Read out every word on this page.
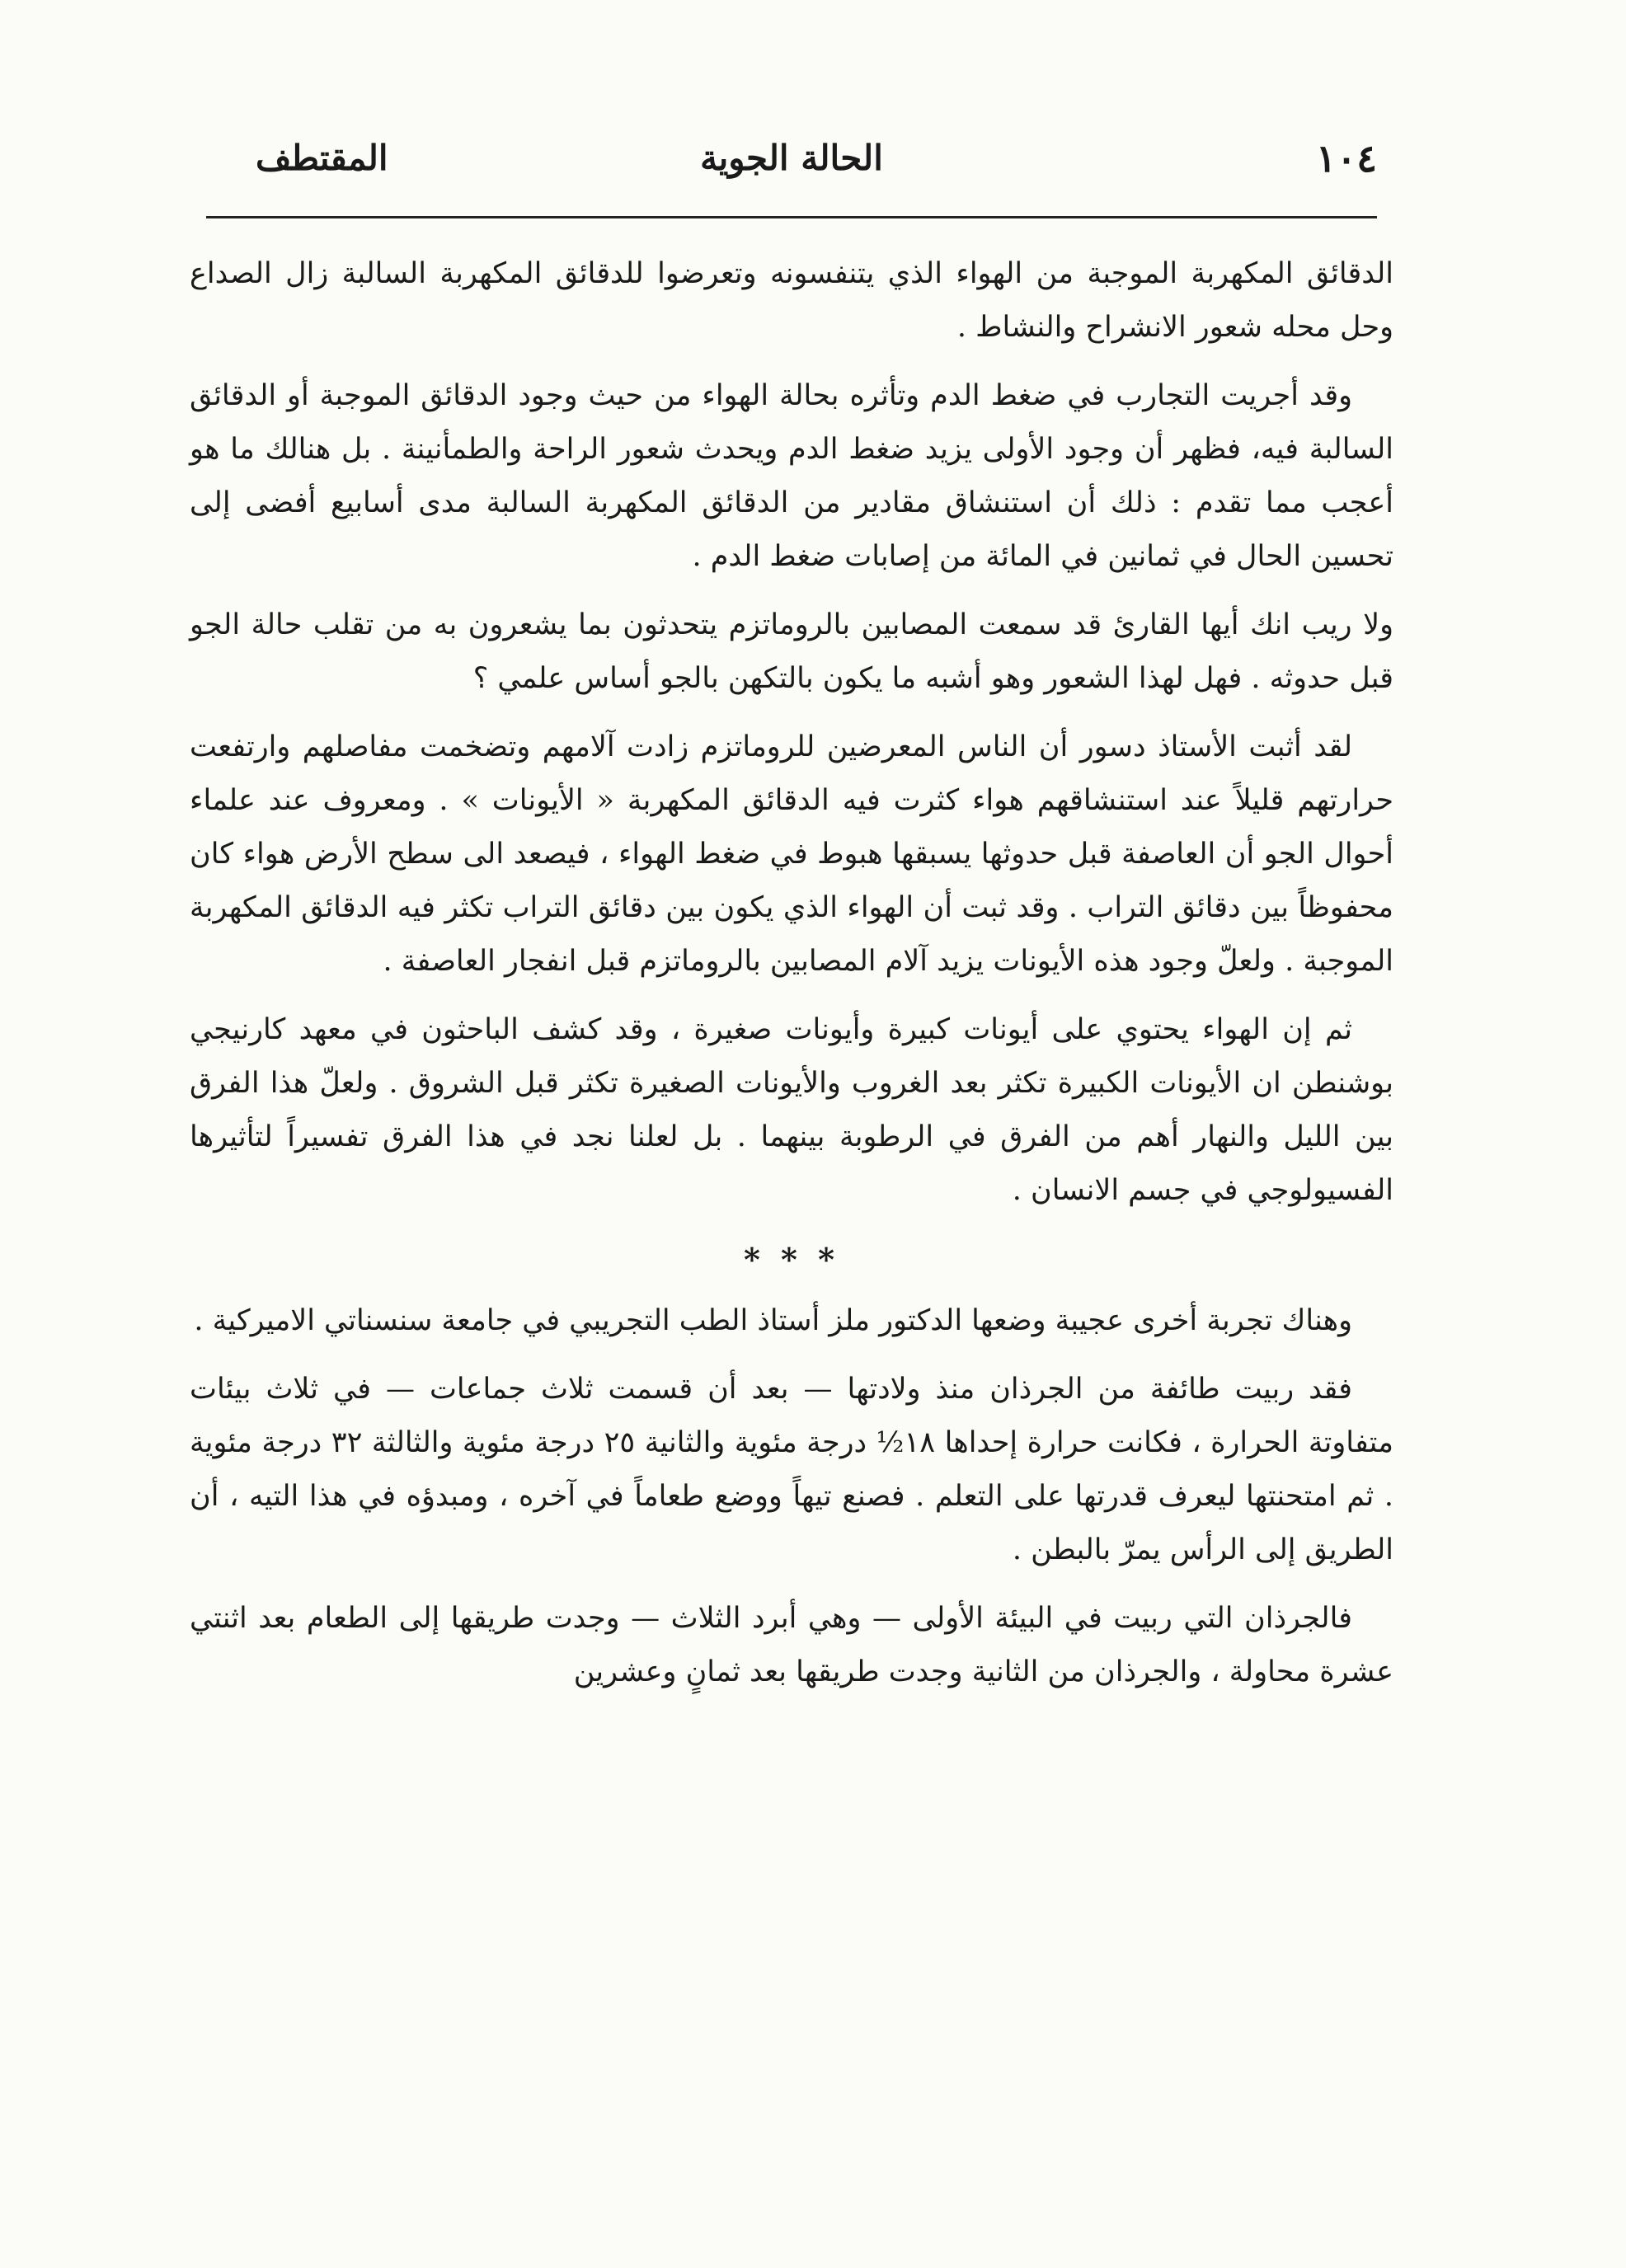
١٠٤
الحالة الجوية
المقتطف

الدقائق المكهربة الموجبة من الهواء الذي يتنفسونه وتعرضوا للدقائق المكهربة السالبة زال الصداع وحل محله شعور الانشراح والنشاط .

وقد أجريت التجارب في ضغط الدم وتأثره بحالة الهواء من حيث وجود الدقائق الموجبة أو الدقائق السالبة فيه، فظهر أن وجود الأولى يزيد ضغط الدم ويحدث شعور الراحة والطمأنينة . بل هنالك ما هو أعجب مما تقدم : ذلك أن استنشاق مقادير من الدقائق المكهربة السالبة مدى أسابيع أفضى إلى تحسين الحال في ثمانين في المائة من إصابات ضغط الدم .

ولا ريب انك أيها القارئ قد سمعت المصابين بالروماتزم يتحدثون بما يشعرون به من تقلب حالة الجو قبل حدوثه . فهل لهذا الشعور وهو أشبه ما يكون بالتكهن بالجو أساس علمي ؟

لقد أثبت الأستاذ دسور أن الناس المعرضين للروماتزم زادت آلامهم وتضخمت مفاصلهم وارتفعت حرارتهم قليلاً عند استنشاقهم هواء كثرت فيه الدقائق المكهربة « الأيونات » . ومعروف عند علماء أحوال الجو أن العاصفة قبل حدوثها يسبقها هبوط في ضغط الهواء ، فيصعد الى سطح الأرض هواء كان محفوظاً بين دقائق التراب . وقد ثبت أن الهواء الذي يكون بين دقائق التراب تكثر فيه الدقائق المكهربة الموجبة . ولعلّ وجود هذه الأيونات يزيد آلام المصابين بالروماتزم قبل انفجار العاصفة .

ثم إن الهواء يحتوي على أيونات كبيرة وأيونات صغيرة ، وقد كشف الباحثون في معهد كارنيجي بوشنطن ان الأيونات الكبيرة تكثر بعد الغروب والأيونات الصغيرة تكثر قبل الشروق . ولعلّ هذا الفرق بين الليل والنهار أهم من الفرق في الرطوبة بينهما . بل لعلنا نجد في هذا الفرق تفسيراً لتأثيرها الفسيولوجي في جسم الانسان .

* * *

وهناك تجربة أخرى عجيبة وضعها الدكتور ملز أستاذ الطب التجريبي في جامعة سنسناتي الاميركية .

فقد ربيت طائفة من الجرذان منذ ولادتها — بعد أن قسمت ثلاث جماعات — في ثلاث بيئات متفاوتة الحرارة ، فكانت حرارة إحداها ١٨½ درجة مئوية والثانية ٢٥ درجة مئوية والثالثة ٣٢ درجة مئوية . ثم امتحنتها ليعرف قدرتها على التعلم . فصنع تيهاً ووضع طعاماً في آخره ، ومبدؤه في هذا التيه ، أن الطريق إلى الرأس يمرّ بالبطن .

فالجرذان التي ربيت في البيئة الأولى — وهي أبرد الثلاث — وجدت طريقها إلى الطعام بعد اثنتي عشرة محاولة ، والجرذان من الثانية وجدت طريقها بعد ثمانٍ وعشرين
